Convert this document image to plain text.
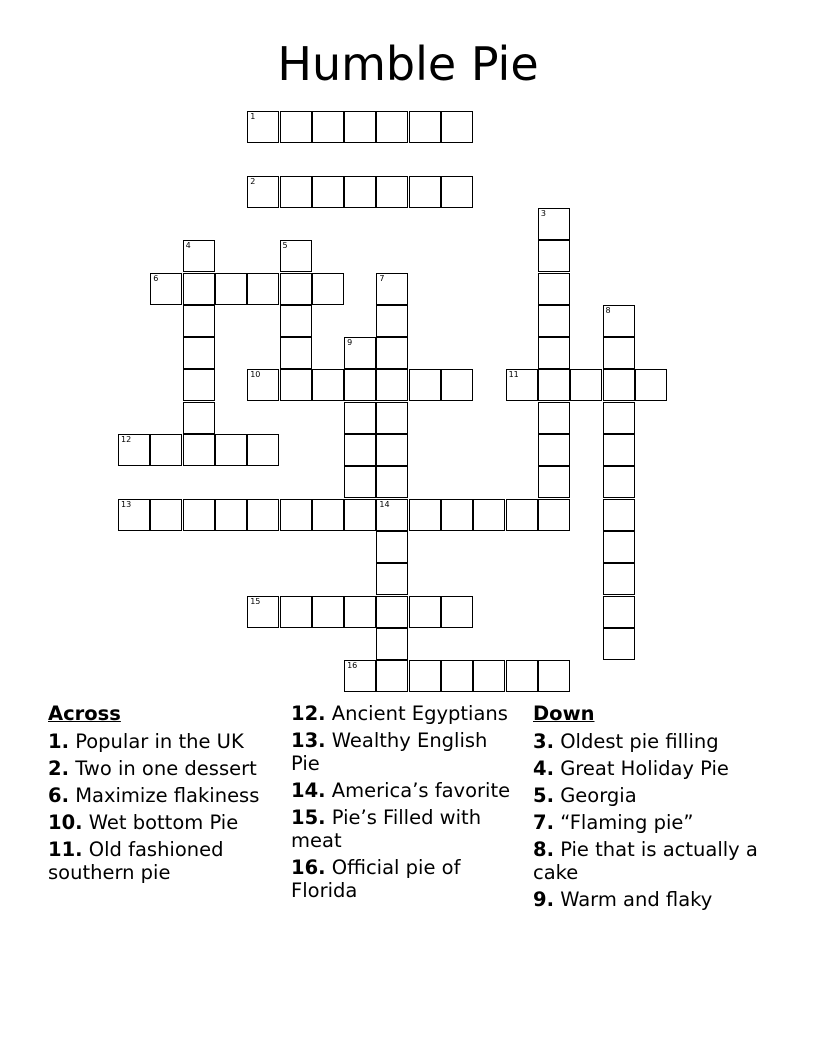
Humble Pie
1
2
3
4	5
6	7
14
8
9
10	11
12
13
15
16
Across
1. Popular in the UK
2. Two in one dessert
6. Maximize flakiness
10. Wet bottom Pie
11. Old fashioned southern pie
12. Ancient Egyptians
13. Wealthy English Pie
14. America’s favorite
15. Pie’s Filled with meat
16. Official pie of Florida
Down
3. Oldest pie filling
4. Great Holiday Pie
5. Georgia
7. “Flaming pie”
8. Pie that is actually a cake
9. Warm and flaky
